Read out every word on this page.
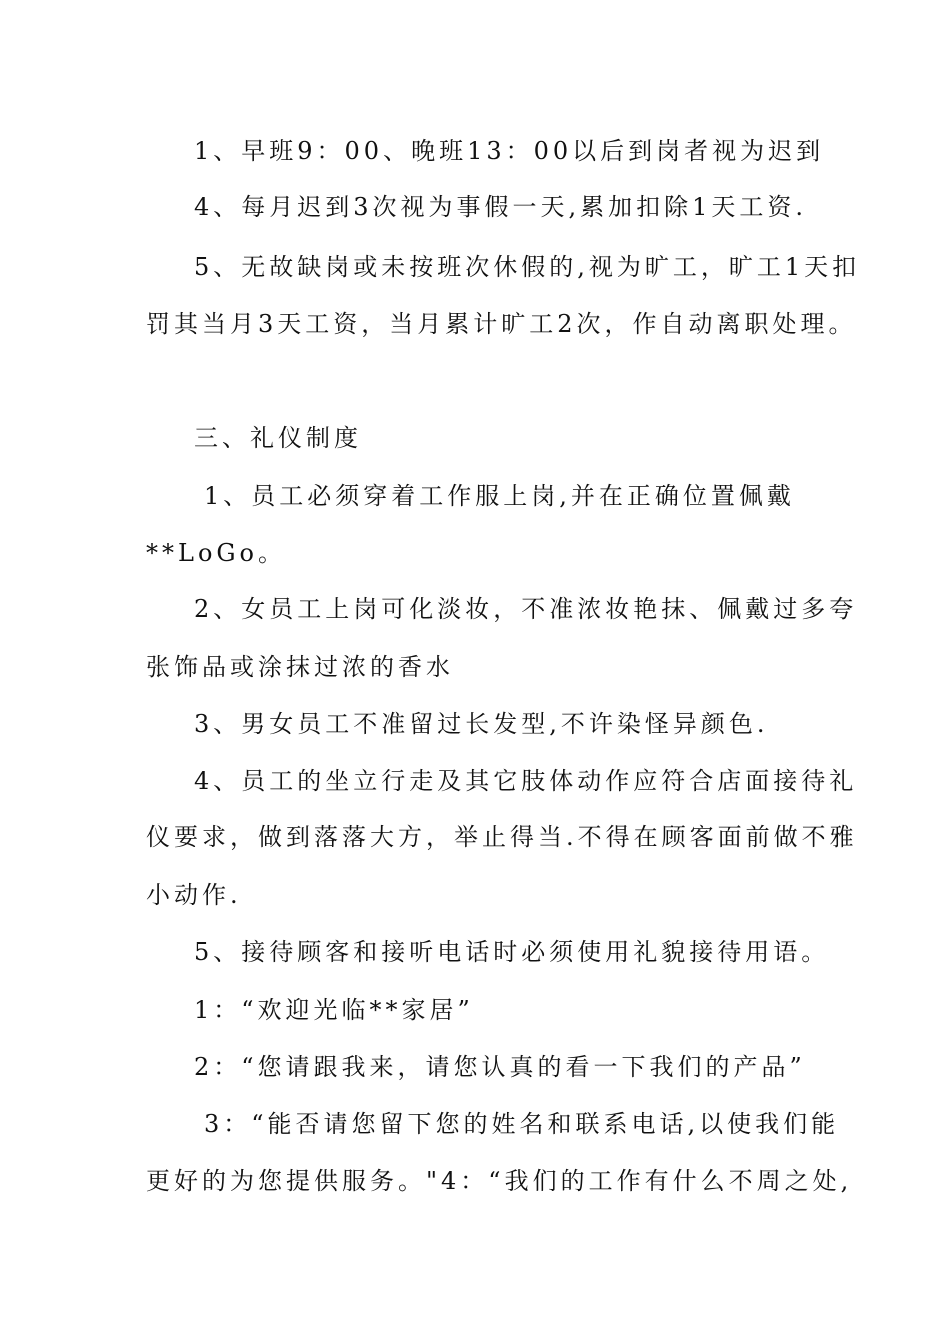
1、早班9：00、晚班13：00以后到岗者视为迟到
4、每月迟到3次视为事假一天,累加扣除1天工资.
5、无故缺岗或未按班次休假的,视为旷工，旷工1天扣
罚其当月3天工资，当月累计旷工2次，作自动离职处理。
三、礼仪制度
1、员工必须穿着工作服上岗,并在正确位置佩戴
**LoGo。
2、女员工上岗可化淡妆，不准浓妆艳抹、佩戴过多夸
张饰品或涂抹过浓的香水
3、男女员工不准留过长发型,不许染怪异颜色.
4、员工的坐立行走及其它肢体动作应符合店面接待礼
仪要求，做到落落大方，举止得当.不得在顾客面前做不雅
小动作.
5、接待顾客和接听电话时必须使用礼貌接待用语。
1：“欢迎光临**家居”
2：“您请跟我来，请您认真的看一下我们的产品”
3：“能否请您留下您的姓名和联系电话,以使我们能
更好的为您提供服务。"4：“我们的工作有什么不周之处,
